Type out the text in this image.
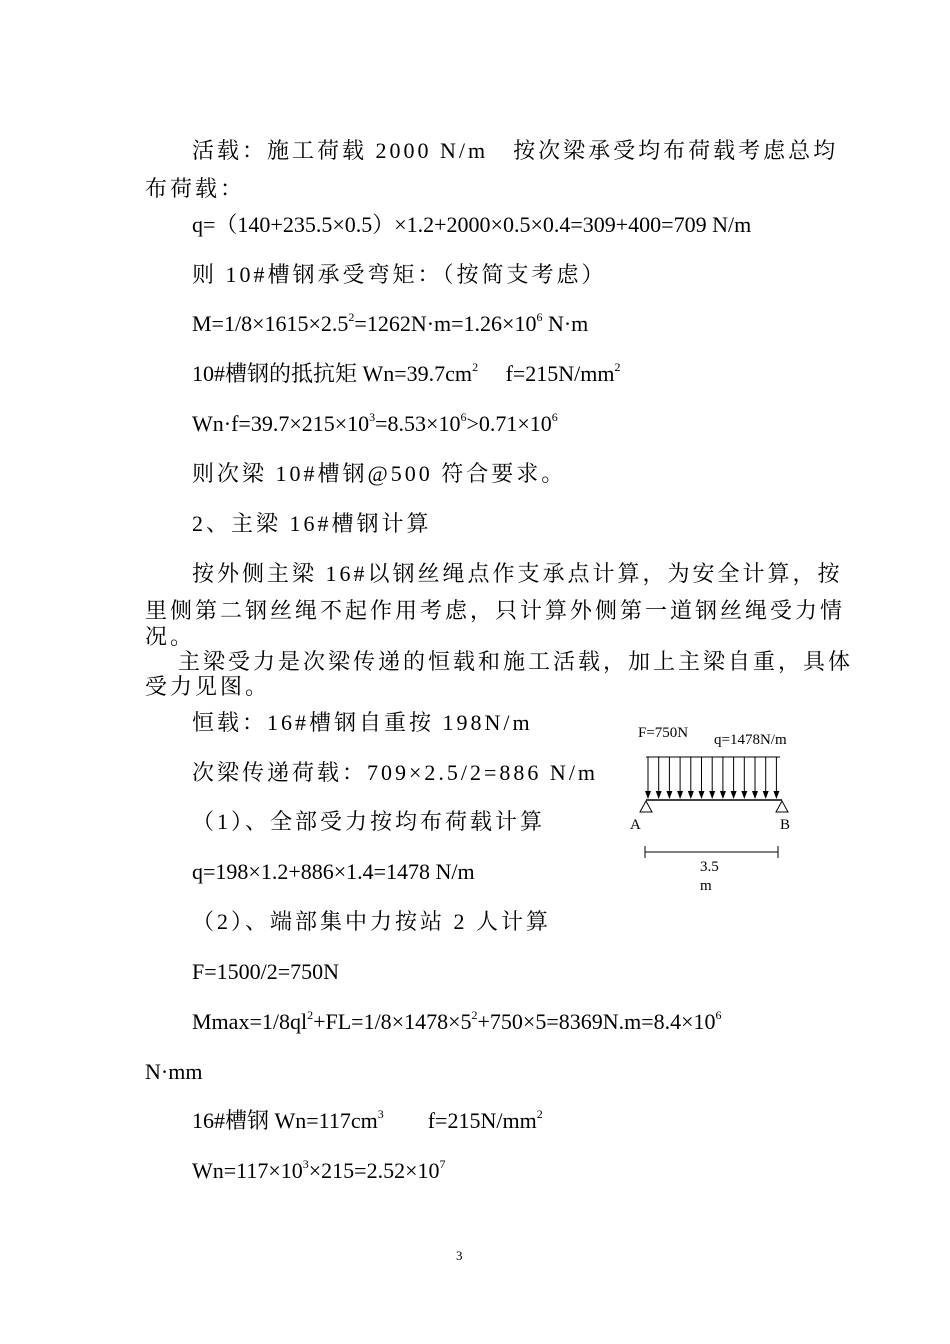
活载：施工荷载 2000 N/m　按次梁承受均布荷载考虑总均
布荷载：
q=（140+235.5×0.5）×1.2+2000×0.5×0.4=309+400=709 N/m
则 10#槽钢承受弯矩：（按简支考虑）
$M=1/8\times 1615\times 2.5^2=1262N\cdot m=1.26\times 10^6$ N·m
10#槽钢的抵抗矩 $Wn=39.7cm^2$　 $f=215N/mm^2$
$Wn\cdot f=39.7\times 215\times 10^3=8.53\times 10^6>0.71\times 10^6$
则次梁 10#槽钢@500 符合要求。
2、主梁 16#槽钢计算
按外侧主梁 16#以钢丝绳点作支承点计算，为安全计算，按
里侧第二钢丝绳不起作用考虑，只计算外侧第一道钢丝绳受力情
况。
主梁受力是次梁传递的恒载和施工活载，加上主梁自重，具体
受力见图。
恒载：16#槽钢自重按 198N/m
次梁传递荷载：709×2.5/2=886 N/m
（1）、全部受力按均布荷载计算
q=198×1.2+886×1.4=1478 N/m
（2）、端部集中力按站 2 人计算
F=1500/2=750N
$Mmax=1/8ql^2+FL=1/8\times 1478\times 5^2+750\times 5=8369N.m=8.4\times 10^6$
N·mm
16#槽钢 $Wn=117cm^3$　　$f=215N/mm^2$
$Wn=117\times 10^3\times 215=2.52\times 10^7$
F=750N q=1478N/m
A	B
3.5
m
3
